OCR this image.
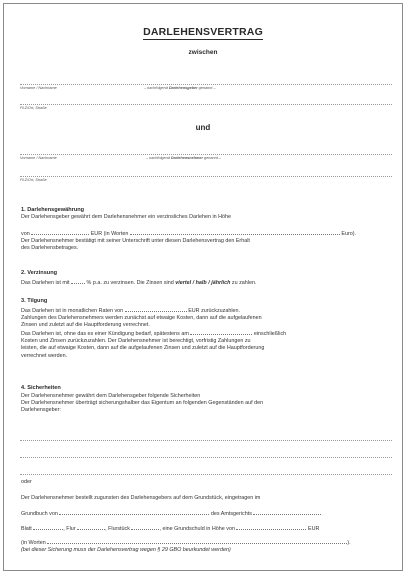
DARLEHENSVERTRAG
zwischen
Vorname / Nachname	– nachfolgend Darlehensgeber genannt –
PLZ/Ort, Straße
und
Vorname / Nachname	– nachfolgend Darlehensnehmer genannt –
PLZ/Ort, Straße
1. Darlehensgewährung

Der Darlehensgeber gewährt dem Darlehensnehmer ein verzinsliches Darlehen in Höhe

von	EUR (in Worten	Euro).

Der Darlehensnehmer bestätigt mit seiner Unterschrift unter diesen Darlehensvertrag den Erhalt

des Darlehensbetrages.

2. Verzinsung

Das Darlehen ist mit	% p.a. zu verzinsen. Die Zinsen sind viertel / halb / jährlich zu zahlen.

3. Tilgung

Das Darlehen ist in monatlichen Raten von	EUR zurückzuzahlen.

Zahlungen des Darlehensnehmers werden zunächst auf etwaige Kosten, dann auf die aufgelaufenen

Zinsen und zuletzt auf die Hauptforderung verrechnet.

Das Darlehen ist, ohne das es einer Kündigung bedarf, spätestens am	einschließlich

Kosten und Zinsen zurückzuzahlen. Der Darlehensnehmer ist berechtigt, vorfristig Zahlungen zu

leisten, die auf etwaige Kosten, dann auf die aufgelaufenen Zinsen und zuletzt auf die Hauptforderung

verrechnet werden.

4. Sicherheiten

Der Darlehensnehmer gewährt dem Darlehensgeber folgende Sicherheiten

Der Darlehensnehmer überträgt sicherungshalber das Eigentum an folgenden Gegenständen auf den

Darlehensgeber:

oder

Der Darlehensnehmer bestellt zugunsten des Darlehensgebers auf dem Grundstück, eingetragen im

Grundbuch von	des Amtsgerichts

Blatt	, Flur	, Flurstück	, eine Grundschuld in Höhe von	EUR

(in Worten	).

(bei dieser Sicherung muss der Darlehensvertrag wegen § 29 GBO beurkundet werden)
